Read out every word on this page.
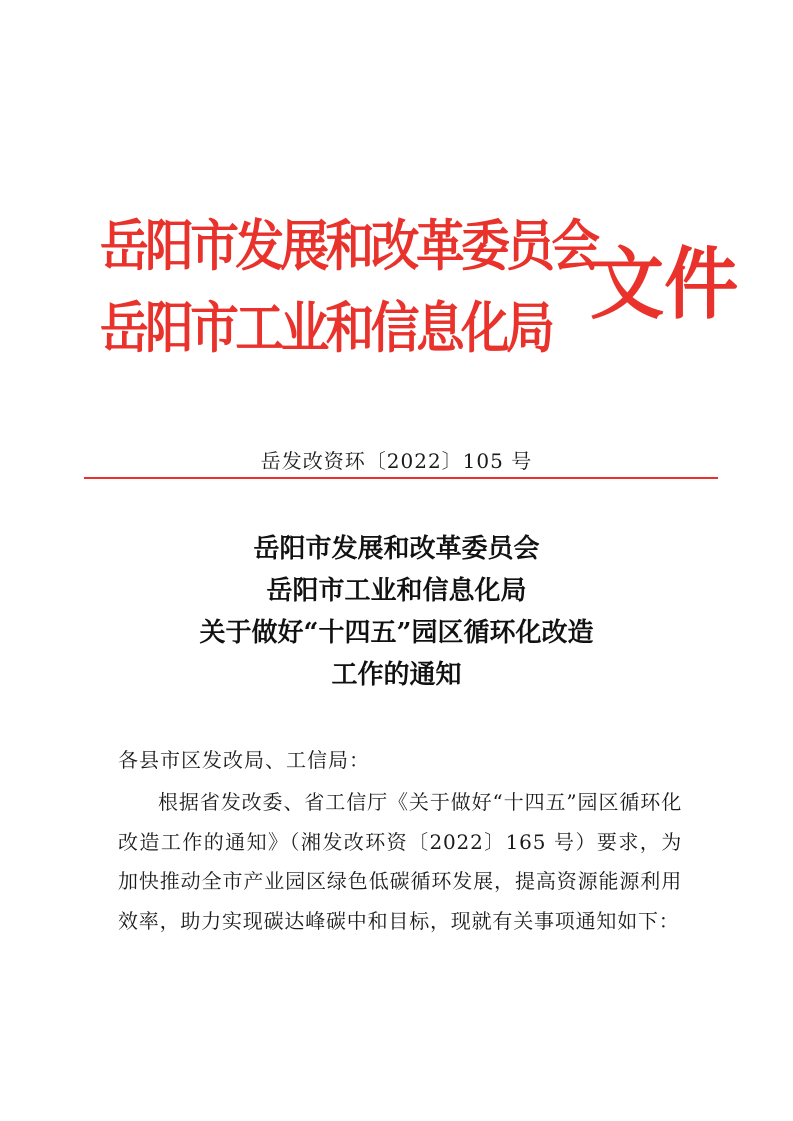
岳阳市发展和改革委员会
岳阳市工业和信息化局 文件
岳发改资环〔2022〕105 号
岳阳市发展和改革委员会
岳阳市工业和信息化局
关于做好“十四五”园区循环化改造
工作的通知
各县市区发改局、工信局：
根据省发改委、省工信厅《关于做好“十四五”园区循环化改造工作的通知》（湘发改环资〔2022〕165 号）要求，为加快推动全市产业园区绿色低碳循环发展，提高资源能源利用效率，助力实现碳达峰碳中和目标，现就有关事项通知如下：
